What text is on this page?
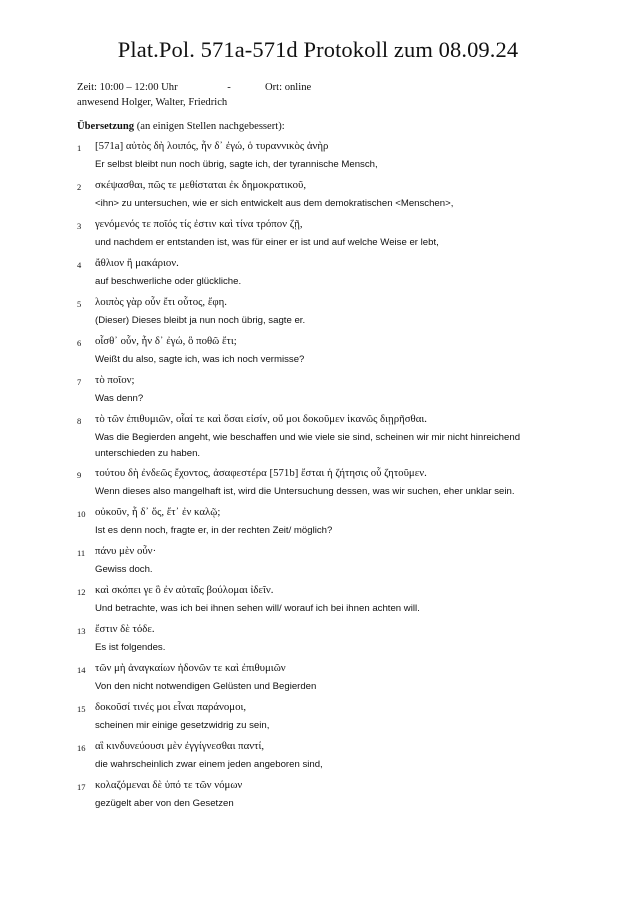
Plat.Pol. 571a-571d Protokoll zum 08.09.24
Zeit: 10:00 – 12:00 Uhr	-	Ort: online
anwesend Holger, Walter, Friedrich
Übersetzung (an einigen Stellen nachgebessert):
1 [571a] αὐτὸς δὴ λοιπός, ἦν δ᾽ ἐγώ, ὁ τυραννικὸς ἀνὴρ
Er selbst bleibt nun noch übrig, sagte ich, der tyrannische Mensch,
2 σκέψασθαι, πῶς τε μεθίσταται ἐκ δημοκρατικοῦ,
<ihn> zu untersuchen, wie er sich entwickelt aus dem demokratischen <Menschen>,
3 γενόμενός τε ποῖός τίς ἐστιν καὶ τίνα τρόπον ζῇ,
und nachdem er entstanden ist, was für einer er ist und auf welche Weise er lebt,
4 ἄθλιον ἢ μακάριον.
auf beschwerliche oder glückliche.
5 λοιπὸς γὰρ οὖν ἔτι οὗτος, ἔφη.
(Dieser) Dieses bleibt ja nun noch übrig, sagte er.
6 οἶσθ᾽ οὖν, ἦν δ᾽ ἐγώ, ὃ ποθῶ ἔτι;
Weißt du also, sagte ich, was ich noch vermisse?
7 τὸ ποῖον;
Was denn?
8 τὸ τῶν ἐπιθυμιῶν, οἷαί τε καὶ ὅσαι εἰσίν, οὔ μοι δοκοῦμεν ἱκανῶς διῃρῆσθαι.
Was die Begierden angeht, wie beschaffen und wie viele sie sind, scheinen wir mir nicht hinreichend unterschieden zu haben.
9 τούτου δὴ ἐνδεῶς ἔχοντος, ἀσαφεστέρα [571b] ἔσται ἡ ζήτησις οὗ ζητοῦμεν.
Wenn dieses also mangelhaft ist, wird die Untersuchung dessen, was wir suchen, eher unklar sein.
10 οὐκοῦν, ἦ δ᾽ ὅς, ἔτ᾽ ἐν καλῷ;
Ist es denn noch, fragte er, in der rechten Zeit/ möglich?
11 πάνυ μὲν οὖν·
Gewiss doch.
12 καὶ σκόπει γε ὃ ἐν αὐταῖς βούλομαι ἰδεῖν.
Und betrachte, was ich bei ihnen sehen will/ worauf ich bei ihnen achten will.
13 ἔστιν δὲ τόδε.
Es ist folgendes.
14 τῶν μὴ ἀναγκαίων ἡδονῶν τε καὶ ἐπιθυμιῶν
Von den nicht notwendigen Gelüsten und Begierden
15 δοκοῦσί τινές μοι εἶναι παράνομοι,
scheinen mir einige gesetzwidrig zu sein,
16 αἳ κινδυνεύουσι μὲν ἐγγίγνεσθαι παντί,
die wahrscheinlich zwar einem jeden angeboren sind,
17 κολαζόμεναι δὲ ὑπό τε τῶν νόμων
gezügelt aber von den Gesetzen
